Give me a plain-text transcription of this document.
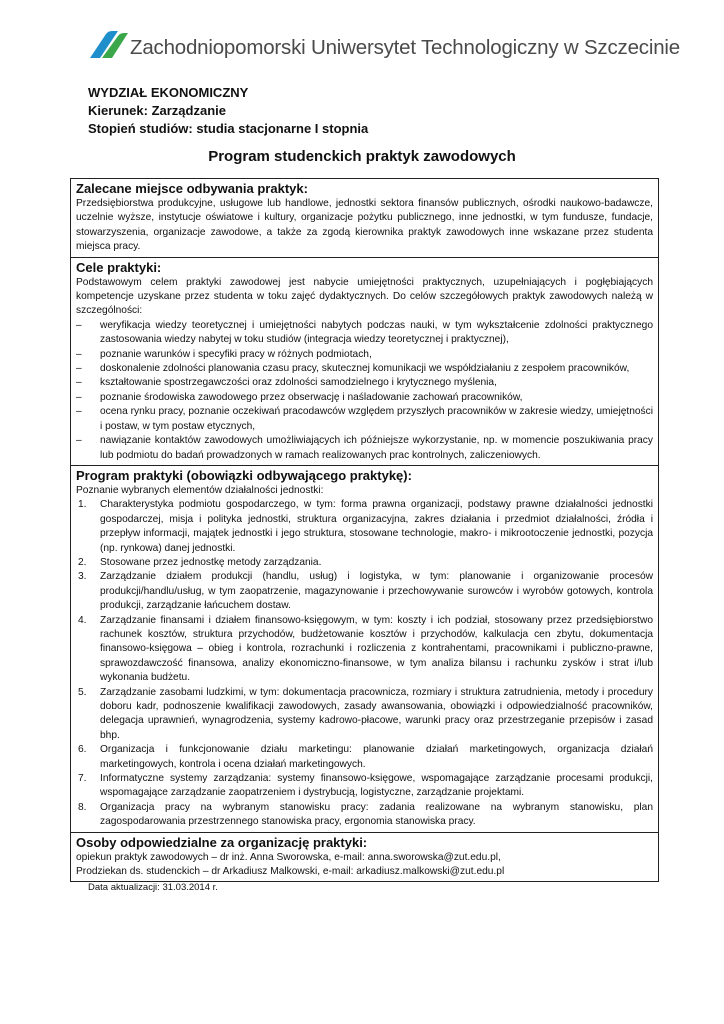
Zachodniopomorski Uniwersytet Technologiczny w Szczecinie
WYDZIAŁ EKONOMICZNY
Kierunek: Zarządzanie
Stopień studiów: studia stacjonarne I stopnia
Program studenckich praktyk zawodowych
Zalecane miejsce odbywania praktyk:
Przedsiębiorstwa produkcyjne, usługowe lub handlowe, jednostki sektora finansów publicznych, ośrodki naukowo-badawcze, uczelnie wyższe, instytucje oświatowe i kultury, organizacje pożytku publicznego, inne jednostki, w tym fundusze, fundacje, stowarzyszenia, organizacje zawodowe, a także za zgodą kierownika praktyk zawodowych inne wskazane przez studenta miejsca pracy.
Cele praktyki:
Podstawowym celem praktyki zawodowej jest nabycie umiejętności praktycznych, uzupełniających i pogłębiających kompetencje uzyskane przez studenta w toku zajęć dydaktycznych. Do celów szczegółowych praktyk zawodowych należą w szczególności:
– weryfikacja wiedzy teoretycznej i umiejętności nabytych podczas nauki, w tym wykształcenie zdolności praktycznego zastosowania wiedzy nabytej w toku studiów (integracja wiedzy teoretycznej i praktycznej),
– poznanie warunków i specyfiki pracy w różnych podmiotach,
– doskonalenie zdolności planowania czasu pracy, skutecznej komunikacji we współdziałaniu z zespołem pracowników,
– kształtowanie spostrzegawczości oraz zdolności samodzielnego i krytycznego myślenia,
– poznanie środowiska zawodowego przez obserwację i naśladowanie zachowań pracowników,
– ocena rynku pracy, poznanie oczekiwań pracodawców względem przyszłych pracowników w zakresie wiedzy, umiejętności i postaw, w tym postaw etycznych,
– nawiązanie kontaktów zawodowych umożliwiających ich późniejsze wykorzystanie, np. w momencie poszukiwania pracy lub podmiotu do badań prowadzonych w ramach realizowanych prac kontrolnych, zaliczeniowych.
Program praktyki (obowiązki odbywającego praktykę):
Poznanie wybranych elementów działalności jednostki:
1. Charakterystyka podmiotu gospodarczego, w tym: forma prawna organizacji, podstawy prawne działalności jednostki gospodarczej, misja i polityka jednostki, struktura organizacyjna, zakres działania i przedmiot działalności, źródła i przepływ informacji, majątek jednostki i jego struktura, stosowane technologie, makro- i mikrootoczenie jednostki, pozycja (np. rynkowa) danej jednostki.
2. Stosowane przez jednostkę metody zarządzania.
3. Zarządzanie działem produkcji (handlu, usług) i logistyka, w tym: planowanie i organizowanie procesów produkcji/handlu/usług, w tym zaopatrzenie, magazynowanie i przechowywanie surowców i wyrobów gotowych, kontrola produkcji, zarządzanie łańcuchem dostaw.
4. Zarządzanie finansami i działem finansowo-księgowym, w tym: koszty i ich podział, stosowany przez przedsiębiorstwo rachunek kosztów, struktura przychodów, budżetowanie kosztów i przychodów, kalkulacja cen zbytu, dokumentacja finansowo-księgowa – obieg i kontrola, rozrachunki i rozliczenia z kontrahentami, pracownikami i publiczno-prawne, sprawozdawczość finansowa, analizy ekonomiczno-finansowe, w tym analiza bilansu i rachunku zysków i strat i/lub wykonania budżetu.
5. Zarządzanie zasobami ludzkimi, w tym: dokumentacja pracownicza, rozmiary i struktura zatrudnienia, metody i procedury doboru kadr, podnoszenie kwalifikacji zawodowych, zasady awansowania, obowiązki i odpowiedzialność pracowników, delegacja uprawnień, wynagrodzenia, systemy kadrowo-płacowe, warunki pracy oraz przestrzeganie przepisów i zasad bhp.
6. Organizacja i funkcjonowanie działu marketingu: planowanie działań marketingowych, organizacja działań marketingowych, kontrola i ocena działań marketingowych.
7. Informatyczne systemy zarządzania: systemy finansowo-księgowe, wspomagające zarządzanie procesami produkcji, wspomagające zarządzanie zaopatrzeniem i dystrybucją, logistyczne, zarządzanie projektami.
8. Organizacja pracy na wybranym stanowisku pracy: zadania realizowane na wybranym stanowisku, plan zagospodarowania przestrzennego stanowiska pracy, ergonomia stanowiska pracy.
Osoby odpowiedzialne za organizację praktyki:
opiekun praktyk zawodowych – dr inż. Anna Sworowska, e-mail: anna.sworowska@zut.edu.pl,
Prodziekan ds. studenckich – dr Arkadiusz Malkowski, e-mail: arkadiusz.malkowski@zut.edu.pl
Data aktualizacji: 31.03.2014 r.
